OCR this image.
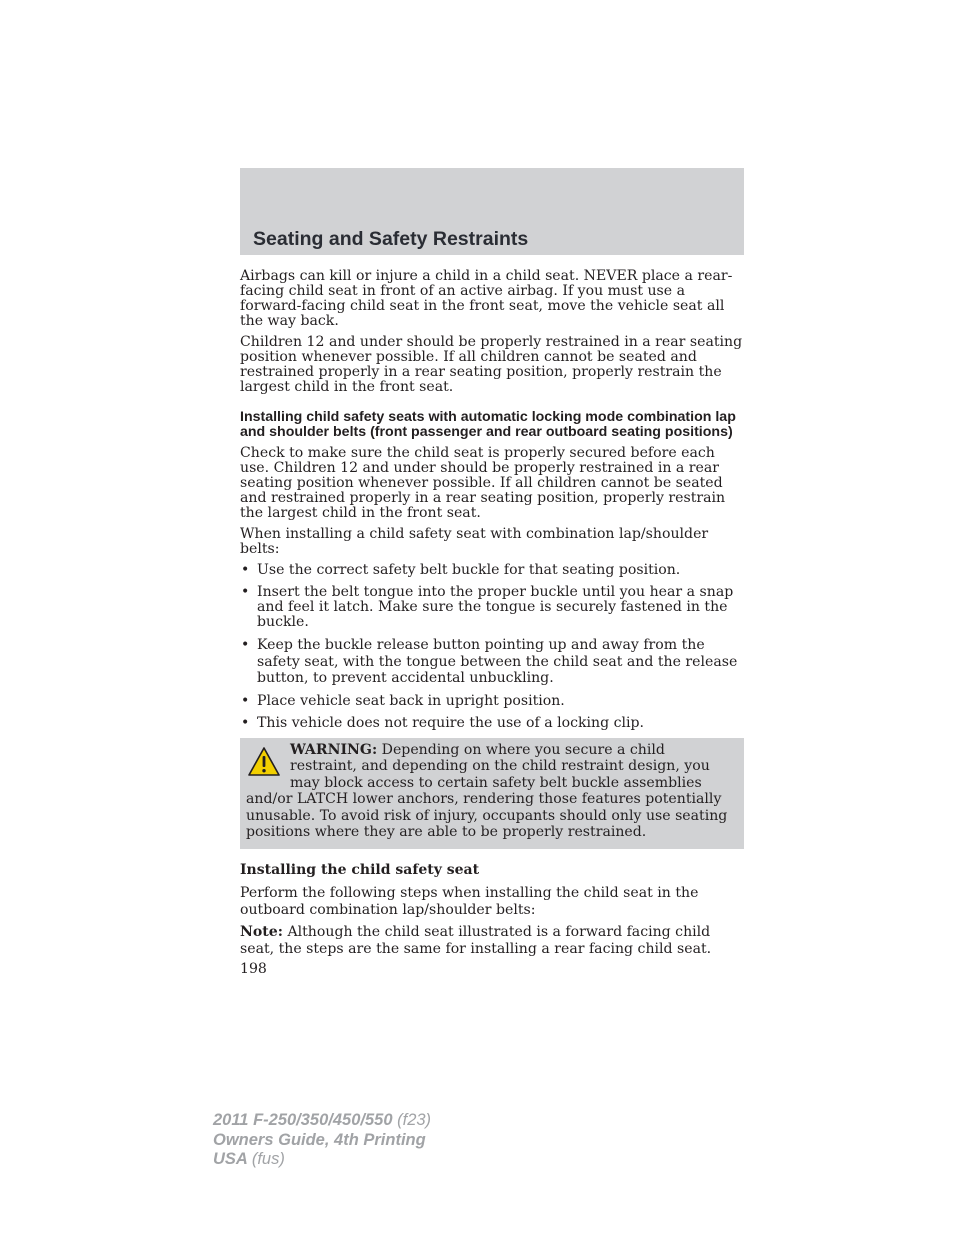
Seating and Safety Restraints

Airbags can kill or injure a child in a child seat. NEVER place a rear-facing child seat in front of an active airbag. If you must use a forward-facing child seat in the front seat, move the vehicle seat all the way back.

Children 12 and under should be properly restrained in a rear seating position whenever possible. If all children cannot be seated and restrained properly in a rear seating position, properly restrain the largest child in the front seat.

Installing child safety seats with automatic locking mode combination lap and shoulder belts (front passenger and rear outboard seating positions)

Check to make sure the child seat is properly secured before each use. Children 12 and under should be properly restrained in a rear seating position whenever possible. If all children cannot be seated and restrained properly in a rear seating position, properly restrain the largest child in the front seat.

When installing a child safety seat with combination lap/shoulder belts:

• Use the correct safety belt buckle for that seating position.
• Insert the belt tongue into the proper buckle until you hear a snap and feel it latch. Make sure the tongue is securely fastened in the buckle.
• Keep the buckle release button pointing up and away from the safety seat, with the tongue between the child seat and the release button, to prevent accidental unbuckling.
• Place vehicle seat back in upright position.
• This vehicle does not require the use of a locking clip.
WARNING: Depending on where you secure a child restraint, and depending on the child restraint design, you may block access to certain safety belt buckle assemblies and/or LATCH lower anchors, rendering those features potentially unusable. To avoid risk of injury, occupants should only use seating positions where they are able to be properly restrained.
Installing the child safety seat

Perform the following steps when installing the child seat in the outboard combination lap/shoulder belts:

Note: Although the child seat illustrated is a forward facing child seat, the steps are the same for installing a rear facing child seat.

198
2011 F-250/350/450/550 (f23)
Owners Guide, 4th Printing
USA (fus)
